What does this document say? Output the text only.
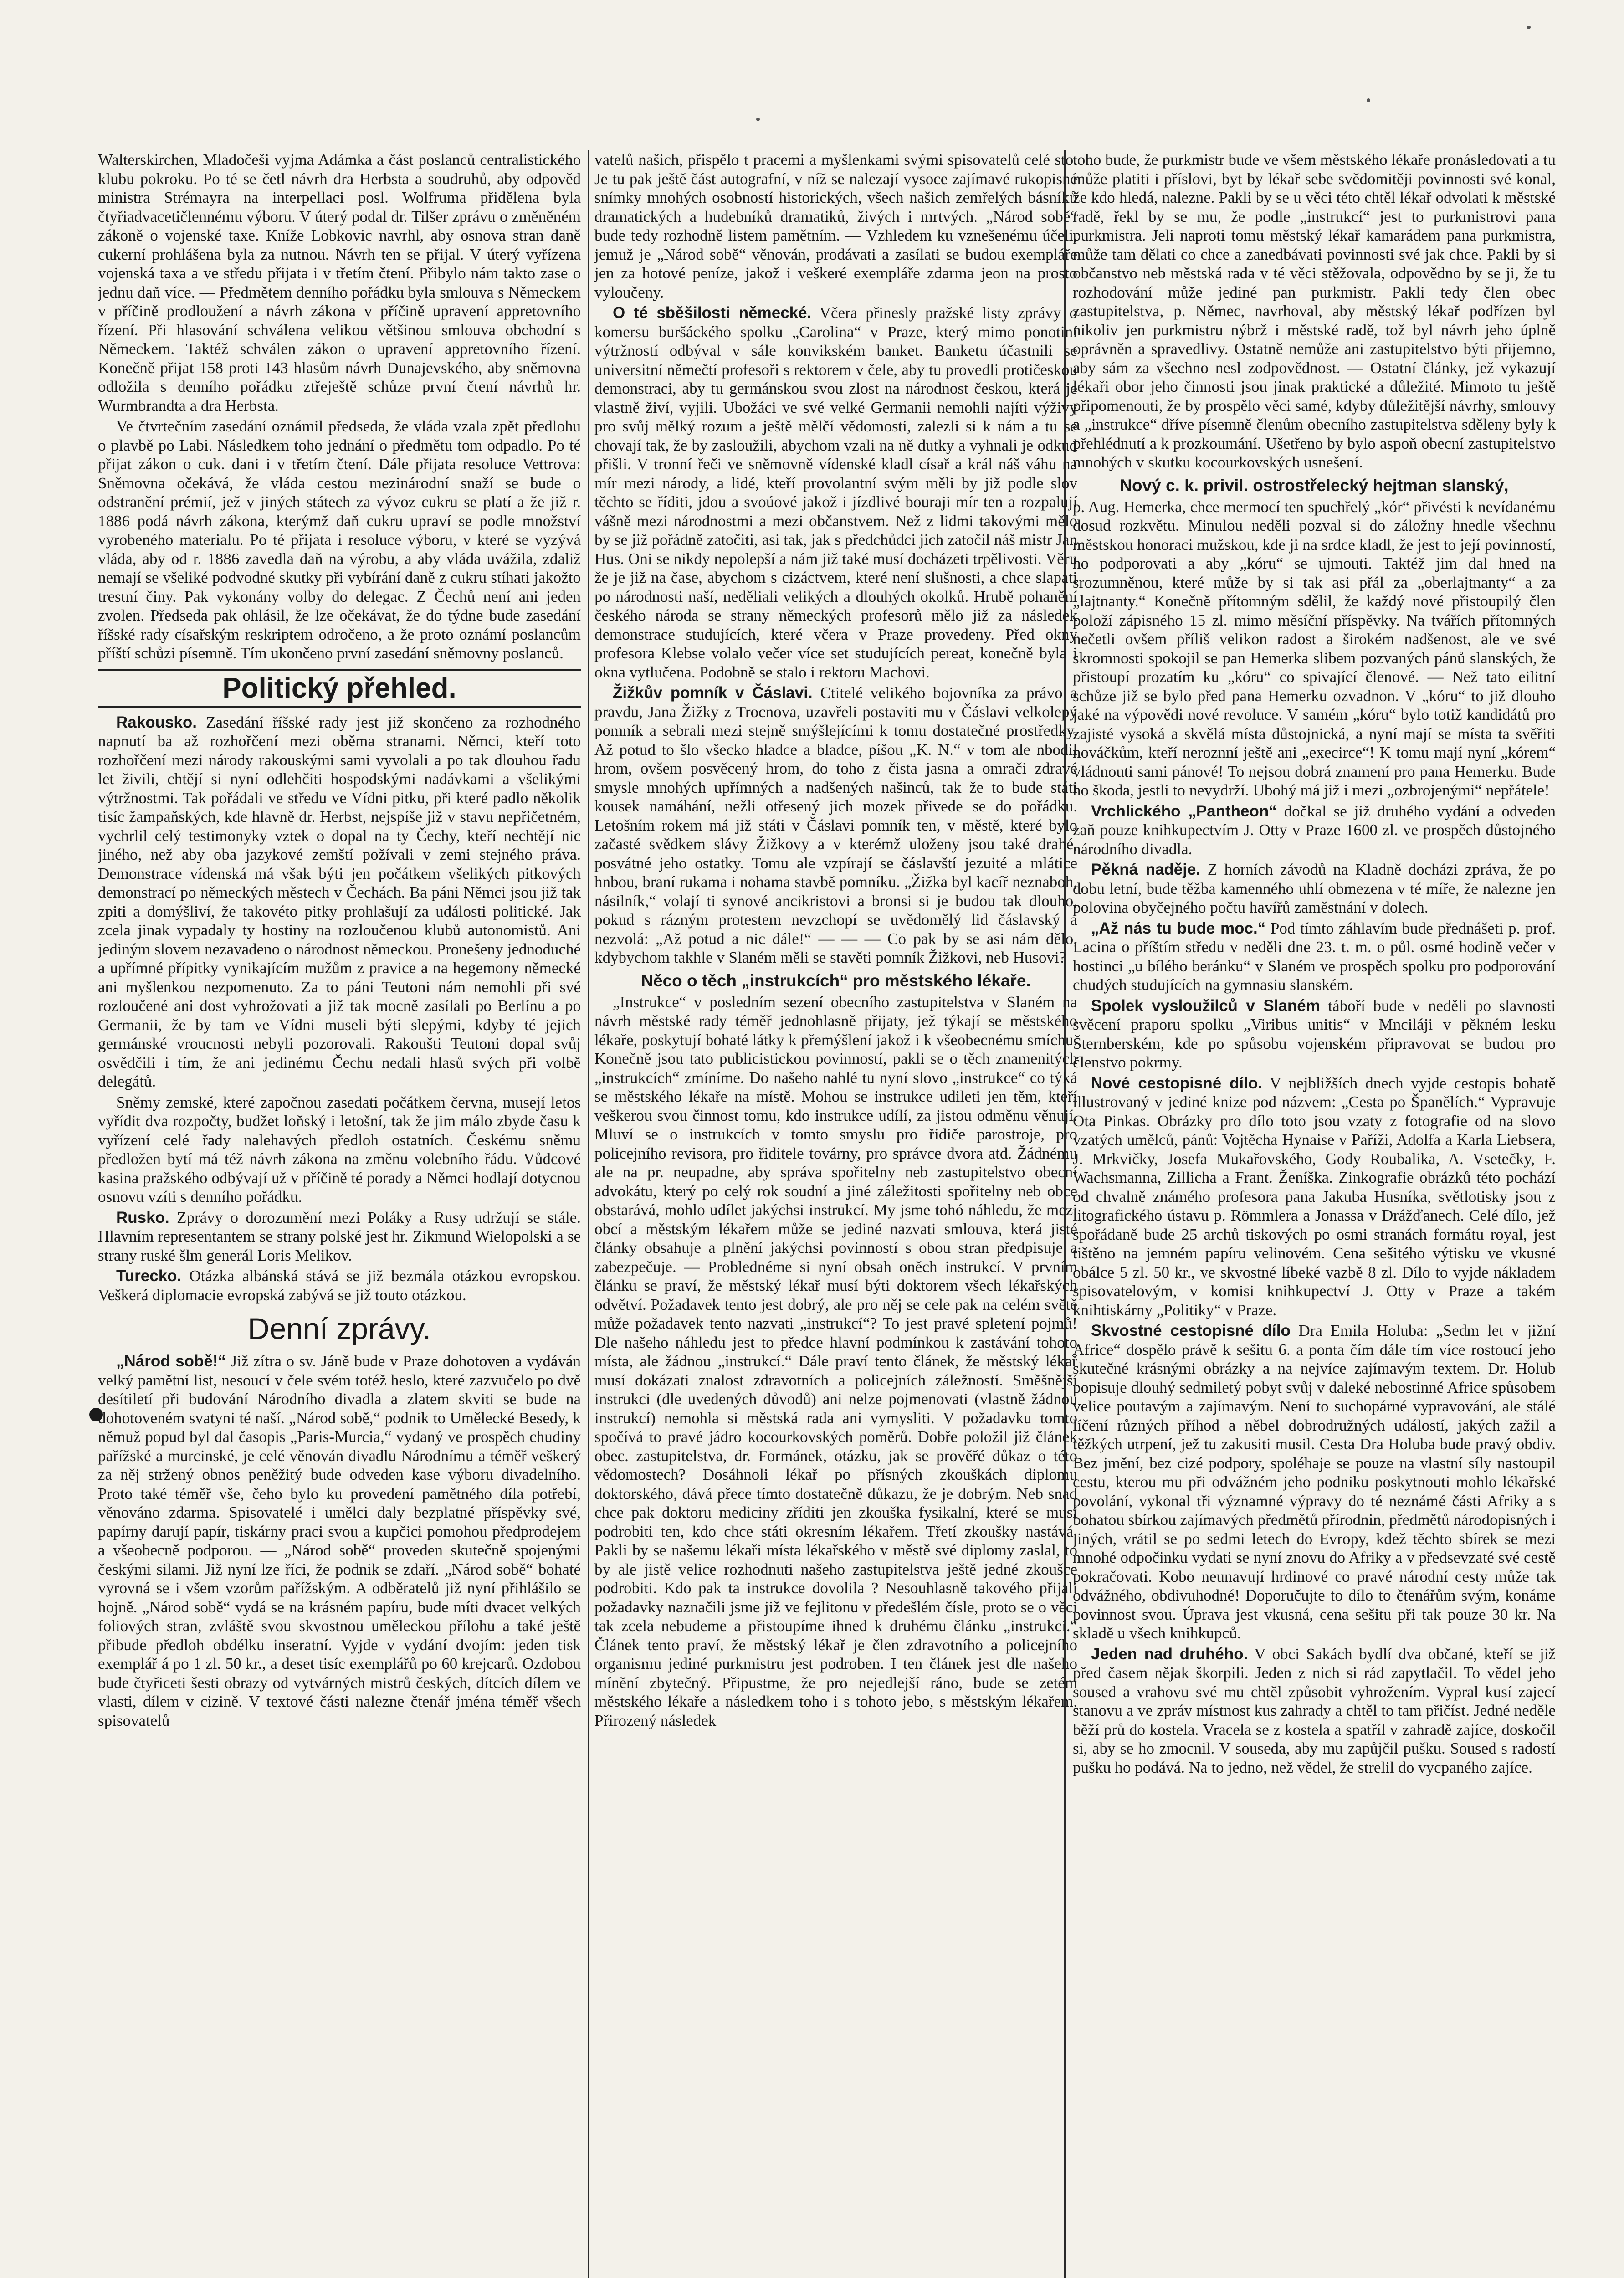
Walterskirchen, Mladočeši vyjma Adámka a část poslanců centralistického klubu pokroku. Po té se četl návrh dra Herbsta a soudruhů, aby odpověd ministra Strémayra na interpellaci posl. Wolfruma přidělena byla čtyřiadvacetičlennému výboru. V úterý podal dr. Tilšer zprávu o změněném zákoně o vojenské taxe. Kníže Lobkovic navrhl, aby osnova stran daně cukerní prohlášena byla za nutnou. Návrh ten se přijal. V úterý vyřízena vojenská taxa a ve středu přijata i v třetím čtení. Přibylo nám takto zase o jednu daň více. — Předmětem denního pořádku byla smlouva s Německem v příčině prodloužení a návrh zákona v příčině upravení appretovního řízení. Při hlasování schválena velikou většinou smlouva obchodní s Německem. Taktéž schválen zákon o upravení appretovního řízení. Konečně přijat 158 proti 143 hlasům návrh Dunajevského, aby sněmovna odložila s denního pořádku ztřeještě schůze první čtení návrhů hr. Wurmbrandta a dra Herbsta.

Ve čtvrtečním zasedání oznámil předseda, že vláda vzala zpět předlohu o plavbě po Labi. Následkem toho jednání o předmětu tom odpadlo. Po té přijat zákon o cuk. dani i v třetím čtení. Dále přijata resoluce Vettrova: Sněmovna očekává, že vláda cestou mezinárodní snaží se bude o odstranění prémií, jež v jiných státech za vývoz cukru se platí a že již r. 1886 podá návrh zákona, kterýmž daň cukru upraví se podle množství vyrobeného materialu. Po té přijata i resoluce výboru, v které se vyzývá vláda, aby od r. 1886 zavedla daň na výrobu, a aby vláda uvážila, zdaliž nemají se všeliké podvodné skutky při vybírání daně z cukru stíhati jakožto trestní činy. Pak vykonány volby do delegac. Z Čechů není ani jeden zvolen. Předseda pak ohlásil, že lze očekávat, že do týdne bude zasedání říšské rady císařským reskriptem odročeno, a že proto oznámí poslancům příští schůzi písemně. Tím ukončeno první zasedání sněmovny poslanců.

Politický přehled.

Rakousko. Zasedání říšské rady jest již skončeno za rozhodného napnutí ba až rozhořčení mezi oběma stranami. Němci, kteří toto rozhořčení mezi národy rakouskými sami vyvolali a po tak dlouhou řadu let živili, chtějí si nyní odlehčiti hospodskými nadávkami a všelikými výtržnostmi. Tak pořádali ve středu ve Vídni pitku, při které padlo několik tisíc žampaňských, kde hlavně dr. Herbst, nejspíše již v stavu nepřičetném, vychrlil celý testimonyky vztek o dopal na ty Čechy, kteří nechtějí nic jiného, než aby oba jazykové zemští požívali v zemi stejného práva. Demonstrace vídenská má však býti jen počátkem všelikých pitkových demonstrací po německých městech v Čechách. Ba páni Němci jsou již tak zpiti a domýšliví, že takovéto pitky prohlašují za události politické. Jak zcela jinak vypadaly ty hostiny na rozloučenou klubů autonomistů. Ani jediným slovem nezavadeno o národnost německou. Pronešeny jednoduché a upřímné přípitky vynikajícím mužům z pravice a na hegemony německé ani myšlenkou nezpomenuto. Za to páni Teutoni nám nemohli při své rozloučené ani dost vyhrožovati a již tak mocně zasílali po Berlínu a po Germanii, že by tam ve Vídni museli býti slepými, kdyby té jejich germánské vroucnosti nebyli pozorovali. Rakoušti Teutoni dopal svůj osvědčili i tím, že ani jedinému Čechu nedali hlasů svých při volbě delegátů.

Sněmy zemské, které započnou zasedati počátkem června, musejí letos vyřídit dva rozpočty, budžet loňský i letošní, tak že jim málo zbyde času k vyřízení celé řady nalehavých předloh ostatních. Českému sněmu předložen bytí má též návrh zákona na změnu volebního řádu. Vůdcové kasina pražského odbývají už v příčině té porady a Němci hodlají dotycnou osnovu vzíti s denního pořádku.

Rusko. Zprávy o dorozumění mezi Poláky a Rusy udržují se stále. Hlavním representantem se strany polské jest hr. Zikmund Wielopolski a se strany ruské šlm generál Loris Melikov.

Turecko. Otázka albánská stává se již bezmála otázkou evropskou. Veškerá diplomacie evropská zabývá se již touto otázkou.

Denní zprávy.

„Národ sobě!“ Již zítra o sv. Jáně bude v Praze dohotoven a vydáván velký pamětní list, nesoucí v čele svém totéž heslo, které zazvučelo po dvě desítiletí při budování Národního divadla a zlatem skviti se bude na dohotoveném svatyni té naší. „Národ sobě,“ podnik to Umělecké Besedy, k němuž popud byl dal časopis „Paris-Murcia,“ vydaný ve prospěch chudiny pařížské a murcinské, je celé věnován divadlu Národnímu a téměř veškerý za něj stržený obnos peněžitý bude odveden kase výboru divadelního. Proto také téměř vše, čeho bylo ku provedení pamětného díla potřebí, věnováno zdarma. Spisovatelé i umělci daly bezplatné příspěvky své, papírny darují papír, tiskárny praci svou a kupčici pomohou předprodejem a všeobecně podporou. — „Národ sobě“ proveden skutečně spojenými českými silami. Již nyní lze říci, že podnik se zdaří. „Národ sobě“ bohaté vyrovná se i všem vzorům pařížským. A odběratelů již nyní přihlášilo se hojně. „Národ sobě“ vydá se na krásném papíru, bude míti dvacet velkých foliových stran, zvláště svou skvostnou uměleckou přílohu a také ještě přibude předloh obdélku inseratní. Vyjde v vydání dvojím: jeden tisk exemplář á po 1 zl. 50 kr., a deset tisíc exemplářů po 60 krejcarů. Ozdobou bude čtyřiceti šesti obrazy od vytvárných mistrů českých, dítcích dílem ve vlasti, dílem v cizině. V textové části nalezne čtenář jména téměř všech spisovatelů

vatelů našich, přispělo t pracemi a myšlenkami svými spisovatelů celé sto. Je tu pak ještě část autografní, v níž se nalezají vysoce zajímavé rukopisné snímky mnohých osobností historických, všech našich zemřelých básníků dramatických a hudebníků dramatiků, živých i mrtvých. „Národ sobě“ bude tedy rozhodně listem pamětním. — Vzhledem ku vznešenému účeli, jemuž je „Národ sobě“ věnován, prodávati a zasílati se budou exempláře jen za hotové peníze, jakož i veškeré exempláře zdarma jeon na prosto vyloučeny.

O té sběšilosti německé. Včera přinesly pražské listy zprávy o komersu buršáckého spolku „Carolina“ v Praze, který mimo ponotiní výtržností odbýval v sále konvikském banket. Banketu účastnili se universitní němečtí profesoři s rektorem v čele, aby tu provedli protičeskou demonstraci, aby tu germánskou svou zlost na národnost českou, která je vlastně živí, vyjili. Ubožáci ve své velké Germanii nemohli najíti výživy pro svůj mělký rozum a ještě mělčí vědomosti, zalezli si k nám a tu se chovají tak, že by zasloužili, abychom vzali na ně dutky a vyhnali je odkud přišli. V tronní řeči ve sněmovně vídenské kladl císař a král náš váhu na mír mezi národy, a lidé, kteří provolantní svým měli by již podle slov těchto se říditi, jdou a svoúové jakož i jízdlivé bouraji mír ten a rozpalují vášně mezi národnostmi a mezi občanstvem. Než z lidmi takovými mělo by se již pořádně zatočiti, asi tak, jak s předchůdci jich zatočil náš mistr Jan Hus. Oni se nikdy nepolepší a nám již také musí docházeti trpělivosti. Věru že je již na čase, abychom s cizáctvem, které není slušnosti, a chce slapati po národnosti naší, neděliali velikých a dlouhých okolků. Hrubě pohanění českého národa se strany německých profesorů mělo již za následek demonstrace studujících, které včera v Praze provedeny. Před okny profesora Klebse volalo večer více set studujících pereat, konečně byla i okna vytlučena. Podobně se stalo i rektoru Machovi.

Žižkův pomník v Čáslavi. Ctitelé velikého bojovníka za právo a pravdu, Jana Žižky z Trocnova, uzavřeli postaviti mu v Čáslavi velkolepý pomník a sebrali mezi stejně smýšlejícími k tomu dostatečné prostředky. Až potud to šlo všecko hladce a bladce, píšou „K. N.“ v tom ale nbodil hrom, ovšem posvěcený hrom, do toho z čista jasna a omrači zdravé smysle mnohých upřímných a nadšených našinců, tak že to bude státi kousek namáhání, nežli otřesený jich mozek přivede se do pořádku. Letošním rokem má již státi v Čáslavi pomník ten, v městě, které bylo začasté svědkem slávy Žižkovy a v kterémž uloženy jsou také drahé, posvátné jeho ostatky. Tomu ale vzpírají se čáslavští jezuité a mlátice hnbou, braní rukama i nohama stavbě pomníku. „Žižka byl kacíř neznaboh, násilník,“ volají ti synové ancikristovi a bronsi si je budou tak dlouho, pokud s rázným protestem nevzchopí se uvědomělý lid čáslavský a nezvolá: „Až potud a nic dále!“ — — — Co pak by se asi nám dělo, kdybychom takhle v Slaném měli se stavěti pomník Žižkovi, neb Husovi?

Něco o těch „instrukcích“ pro městského lékaře.

„Instrukce“ v posledním sezení obecního zastupitelstva v Slaném na návrh městské rady téměř jednohlasně přijaty, jež týkají se městského lékaře, poskytují bohaté látky k přemýšlení jakož i k všeobecnému smíchu. Konečně jsou tato publicistickou povinností, pakli se o těch znamenitých „instrukcích“ zmíníme. Do našeho nahlé tu nyní slovo „instrukce“ co týká se městského lékaře na místě. Mohou se instrukce udileti jen těm, kteří veškerou svou činnost tomu, kdo instrukce udílí, za jistou odměnu věnují. Mluví se o instrukcích v tomto smyslu pro řidiče parostroje, pro policejního revisora, pro řiditele továrny, pro správce dvora atd. Žádnému ale na pr. neupadne, aby správa spořitelny neb zastupitelstvo obecní advokátu, který po celý rok soudní a jiné záležitosti spořitelny neb obce obstarává, mohlo udílet jakýchsi instrukcí. My jsme tohó náhledu, že mezi obcí a městským lékařem může se jediné nazvati smlouva, která jisté články obsahuje a plnění jakýchsi povinností s obou stran předpisuje a zabezpečuje. — Problednéme si nyní obsah oněch instrukcí. V prvním článku se praví, že městský lékař musí býti doktorem všech lékařských odvětví. Požadavek tento jest dobrý, ale pro něj se cele pak na celém světě může požadavek tento nazvati „instrukcí“? To jest pravé spletení pojmů! Dle našeho náhledu jest to předce hlavní podmínkou k zastávání tohoto místa, ale žádnou „instrukcí.“ Dále praví tento článek, že městský lékař musí dokázati znalost zdravotních a policejních záležností. Směšnější instrukci (dle uvedených důvodů) ani nelze pojmenovati (vlastně žádnou instrukcí) nemohla si městská rada ani vymysliti. V požadavku tomto spočívá to pravé jádro kocourkovských poměrů. Dobře položil již článek obec. zastupitelstva, dr. Formánek, otázku, jak se prověřé důkaz o této vědomostech? Dosáhnoli lékař po přísných zkouškách diplomu doktorského, dává přece tímto dostatečně důkazu, že je dobrým. Neb snad chce pak doktoru mediciny zříditi jen zkouška fysikalní, které se musí podrobiti ten, kdo chce státi okresním lékařem. Třetí zkoušky nastává. Pakli by se našemu lékaři místa lékařského v městě své diplomy zaslal, to by ale jistě velice rozhodnuti našeho zastupitelstva ještě jedné zkoušce podrobiti. Kdo pak ta instrukce dovolila ? Nesouhlasně takového přijali požadavky naznačili jsme již ve fejlitonu v předešlém čísle, proto se o věci tak zcela nebudeme a přistoupíme ihned k druhému článku „instrukcí.“ Článek tento praví, že městský lékař je člen zdravotního a policejního organismu jediné purkmistru jest podroben. I ten článek jest dle našeho mínění zbytečný. Připustme, že pro nejedlejší ráno, bude se zetém městského lékaře a následkem toho i s tohoto jebo, s městským lékařem. Přirozený následek

toho bude, že purkmistr bude ve všem městského lékaře pronásledovati a tu může platiti i příslovi, byt by lékař sebe svědomitěji povinnosti své konal, že kdo hledá, nalezne. Pakli by se u věci této chtěl lékař odvolati k městské radě, řekl by se mu, že podle „instrukcí“ jest to purkmistrovi pana purkmistra. Jeli naproti tomu městský lékař kamarádem pana purkmistra, může tam dělati co chce a zanedbávati povinnosti své jak chce. Pakli by si občanstvo neb městská rada v té věci stěžovala, odpovědno by se ji, že tu rozhodování může jediné pan purkmistr. Pakli tedy člen obec zastupitelstva, p. Němec, navrhoval, aby městský lékař podřízen byl nikoliv jen purkmistru nýbrž i městské radě, tož byl návrh jeho úplně oprávněn a spravedlivy. Ostatně nemůže ani zastupitelstvo býti přijemno, aby sám za všechno nesl zodpovědnost. — Ostatní články, jež vykazují lékaři obor jeho činnosti jsou jinak praktické a důležité. Mimoto tu ještě připomenouti, že by prospělo věci samé, kdyby důležitější návrhy, smlouvy a „instrukce“ dříve písemně členům obecního zastupitelstva sděleny byly k přehlédnutí a k prozkoumání. Ušetřeno by bylo aspoň obecní zastupitelstvo mnohých v skutku kocourkovských usnešení.

Nový c. k. privil. ostrostřelecký hejtman slanský,

p. Aug. Hemerka, chce mermocí ten spuchřelý „kór“ přivésti k nevídanému dosud rozkvětu. Minulou neděli pozval si do záložny hnedle všechnu městskou honoraci mužskou, kde ji na srdce kladl, že jest to její povinností, ho podporovati a aby „kóru“ se ujmouti. Taktéž jim dal hned na srozumněnou, které může by si tak asi přál za „oberlajtnanty“ a za „lajtnanty.“ Konečně přítomným sdělil, že každý nové přistoupilý člen položí zápisného 15 zl. mimo měsíční příspěvky. Na tvářích přítomných nečetli ovšem příliš velikon radost a širokém nadšenost, ale ve své skromnosti spokojil se pan Hemerka slibem pozvaných pánů slanských, že přistoupí prozatím ku „kóru“ co spivající členové. — Než tato eilitní schůze již se bylo před pana Hemerku ozvadnon. V „kóru“ to již dlouho jaké na výpovědi nové revoluce. V samém „kóru“ bylo totiž kandidátů pro zajisté vysoká a skvělá místa důstojnická, a nyní mají se místa ta svěřiti nováčkům, kteří neroznní ještě ani „execirce“! K tomu mají nyní „kórem“ vládnouti sami pánové! To nejsou dobrá znamení pro pana Hemerku. Bude ho škoda, jestli to nevydrží. Ubohý má již i mezi „ozbrojenými“ nepřátele!

Vrchlického „Pantheon“ dočkal se již druhého vydání a odveden zaň pouze knihkupectvím J. Otty v Praze 1600 zl. ve prospěch důstojného národního divadla.

Pěkná naděje. Z horních závodů na Kladně docházi zpráva, že po dobu letní, bude těžba kamenného uhlí obmezena v té míře, že nalezne jen polovina obyčejného počtu havířů zaměstnání v dolech.

„Až nás tu bude moc.“ Pod tímto záhlavím bude přednášeti p. prof. Lacina o příštím středu v neděli dne 23. t. m. o půl. osmé hodině večer v hostinci „u bílého beránku“ v Slaném ve prospěch spolku pro podporování chudých studujících na gymnasiu slanském.

Spolek vysloužilců v Slaném táboří bude v neděli po slavnosti svěcení praporu spolku „Viribus unitis“ v Mnciláji v pěkném lesku Šternberském, kde po spůsobu vojenském připravovat se budou pro členstvo pokrmy.

Nové cestopisné dílo. V nejbližších dnech vyjde cestopis bohatě illustrovaný v jediné knize pod názvem: „Cesta po Španělích.“ Vypravuje Ota Pinkas. Obrázky pro dílo toto jsou vzaty z fotografie od na slovo vzatých umělců, pánů: Vojtěcha Hynaise v Paříži, Adolfa a Karla Liebsera, J. Mrkvičky, Josefa Mukařovského, Gody Roubalika, A. Vsetečky, F. Wachsmanna, Zillicha a Frant. Ženíška. Zinkografie obrázků této pochází od chvalně známého profesora pana Jakuba Husníka, světlotisky jsou z litografického ústavu p. Römmlera a Jonassa v Drážďanech. Celé dílo, jež spořádaně bude 25 archů tiskových po osmi stranách formátu royal, jest tištěno na jemném papíru velinovém. Cena sešitého výtisku ve vkusné obálce 5 zl. 50 kr., ve skvostné líbeké vazbě 8 zl. Dílo to vyjde nákladem spisovatelovým, v komisi knihkupectví J. Otty v Praze a takém knihtiskárny „Politiky“ v Praze.

Skvostné cestopisné dílo Dra Emila Holuba: „Sedm let v jižní Africe“ dospělo právě k sešitu 6. a ponta čím dále tím více rostoucí jeho skutečné krásnými obrázky a na nejvíce zajímavým textem. Dr. Holub popisuje dlouhý sedmiletý pobyt svůj v daleké nebostinné Africe spůsobem velice poutavým a zajímavým. Není to suchopárné vypravování, ale stálé líčení různých příhod a něbel dobrodružných událostí, jakých zažil a těžkých utrpení, jež tu zakusiti musil. Cesta Dra Holuba bude pravý obdiv. Bez jmění, bez cizé podpory, spoléhaje se pouze na vlastní síly nastoupil cestu, kterou mu při odvážném jeho podniku poskytnouti mohlo lékařské povolání, vykonal tři významné výpravy do té neznámé části Afriky a s bohatou sbírkou zajímavých předmětů přírodnin, předmětů národopisných i jiných, vrátil se po sedmi letech do Evropy, kdež těchto sbírek se mezi mnohé odpočinku vydati se nyní znovu do Afriky a v předsevzaté své cestě pokračovati. Kobo neunavují hrdinové co pravé národní cesty může tak odvážného, obdivuhodné! Doporučujte to dílo to čtenářům svým, konáme povinnost svou. Úprava jest vkusná, cena sešitu při tak pouze 30 kr. Na skladě u všech knihkupců.

Jeden nad druhého. V obci Sakách bydlí dva občané, kteří se již před časem nějak škorpili. Jeden z nich si rád zapytlačil. To vědel jeho soused a vrahovu své mu chtěl způsobit vyhrožením. Vypral kusí zajecí stanovu a ve zpráv místnost kus zahrady a chtěl to tam přičíst. Jedné neděle běží prů do kostela. Vracela se z kostela a spatříl v zahradě zajíce, doskočil si, aby se ho zmocnil. V souseda, aby mu zapůjčil pušku. Soused s radostí pušku ho podává. Na to jedno, než vědel, že strelil do vycpaného zajíce.
